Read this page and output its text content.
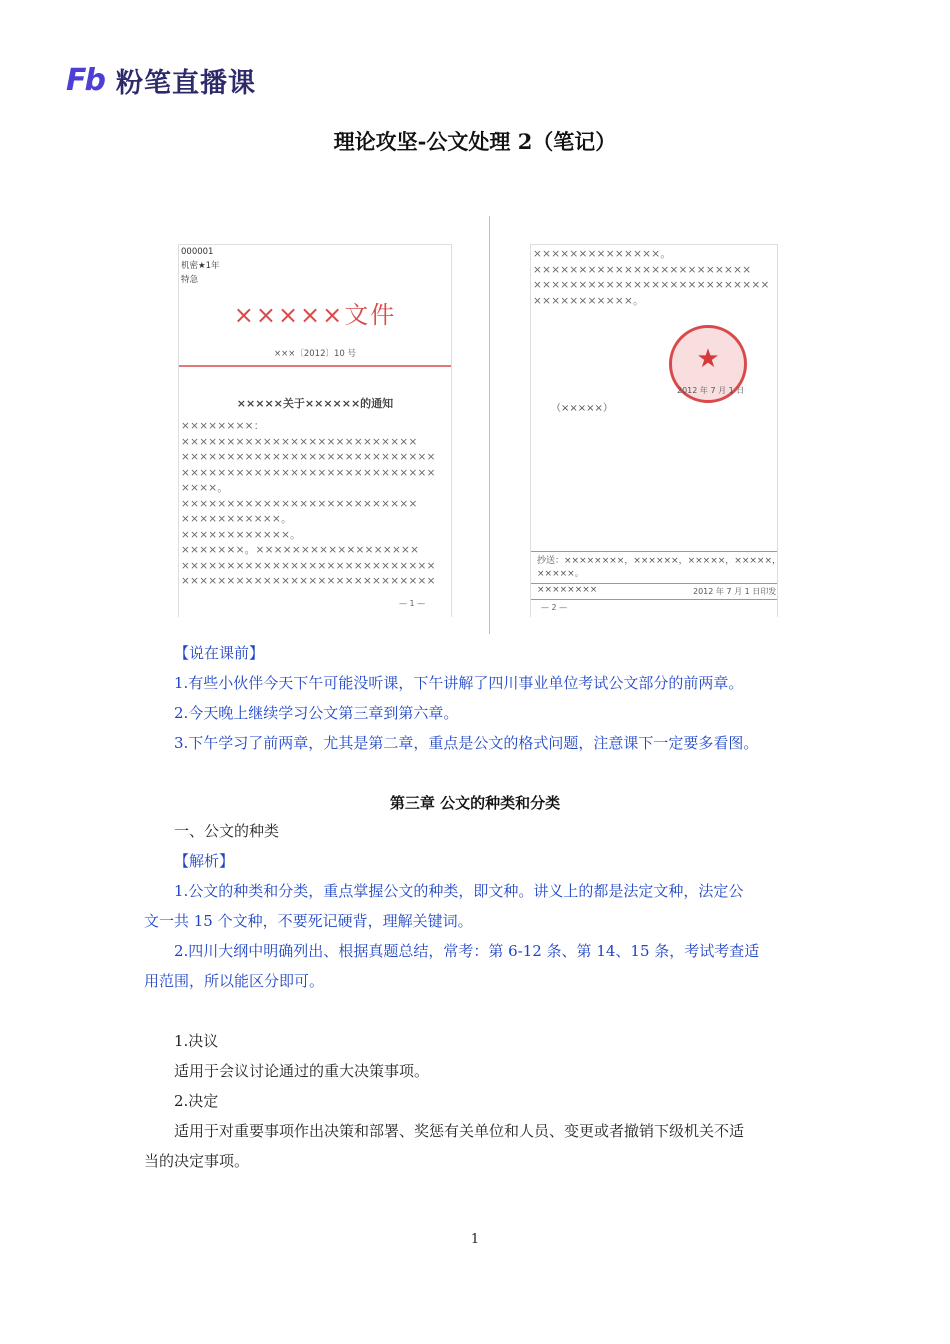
Fb 粉笔直播课
理论攻坚-公文处理 2（笔记）
000001
机密★1年
特急
×××××文件
×××〔2012〕10 号
×××××关于××××××的通知
××××××××：
××××××××××××××××××××××××××
××××××××××××××××××××××××××××
××××××××××××××××××××××××××××
××××。
××××××××××××××××××××××××××
×××××××××××。
××××××××××××。
×××××××。××××××××××××××××××
××××××××××××××××××××××××××××
××××××××××××××××××××××××××××
— 1 —
××××××××××××××。
××××××××××××××××××××××××
××××××××××××××××××××××××××
×××××××××××。
★
2012 年 7 月 1 日
（×××××）
抄送：××××××××，××××××，×××××，×××××，
×××××。
××××××××	2012 年 7 月 1 日印发
— 2 —
【说在课前】
1.有些小伙伴今天下午可能没听课，下午讲解了四川事业单位考试公文部分的前两章。
2.今天晚上继续学习公文第三章到第六章。
3.下午学习了前两章，尤其是第二章，重点是公文的格式问题，注意课下一定要多看图。
第三章 公文的种类和分类
一、公文的种类
【解析】
1.公文的种类和分类，重点掌握公文的种类，即文种。讲义上的都是法定文种，法定公
文一共 15 个文种，不要死记硬背，理解关键词。
2.四川大纲中明确列出、根据真题总结，常考：第 6-12 条、第 14、15 条，考试考查适
用范围，所以能区分即可。
1.决议
适用于会议讨论通过的重大决策事项。
2.决定
适用于对重要事项作出决策和部署、奖惩有关单位和人员、变更或者撤销下级机关不适
当的决定事项。
1
